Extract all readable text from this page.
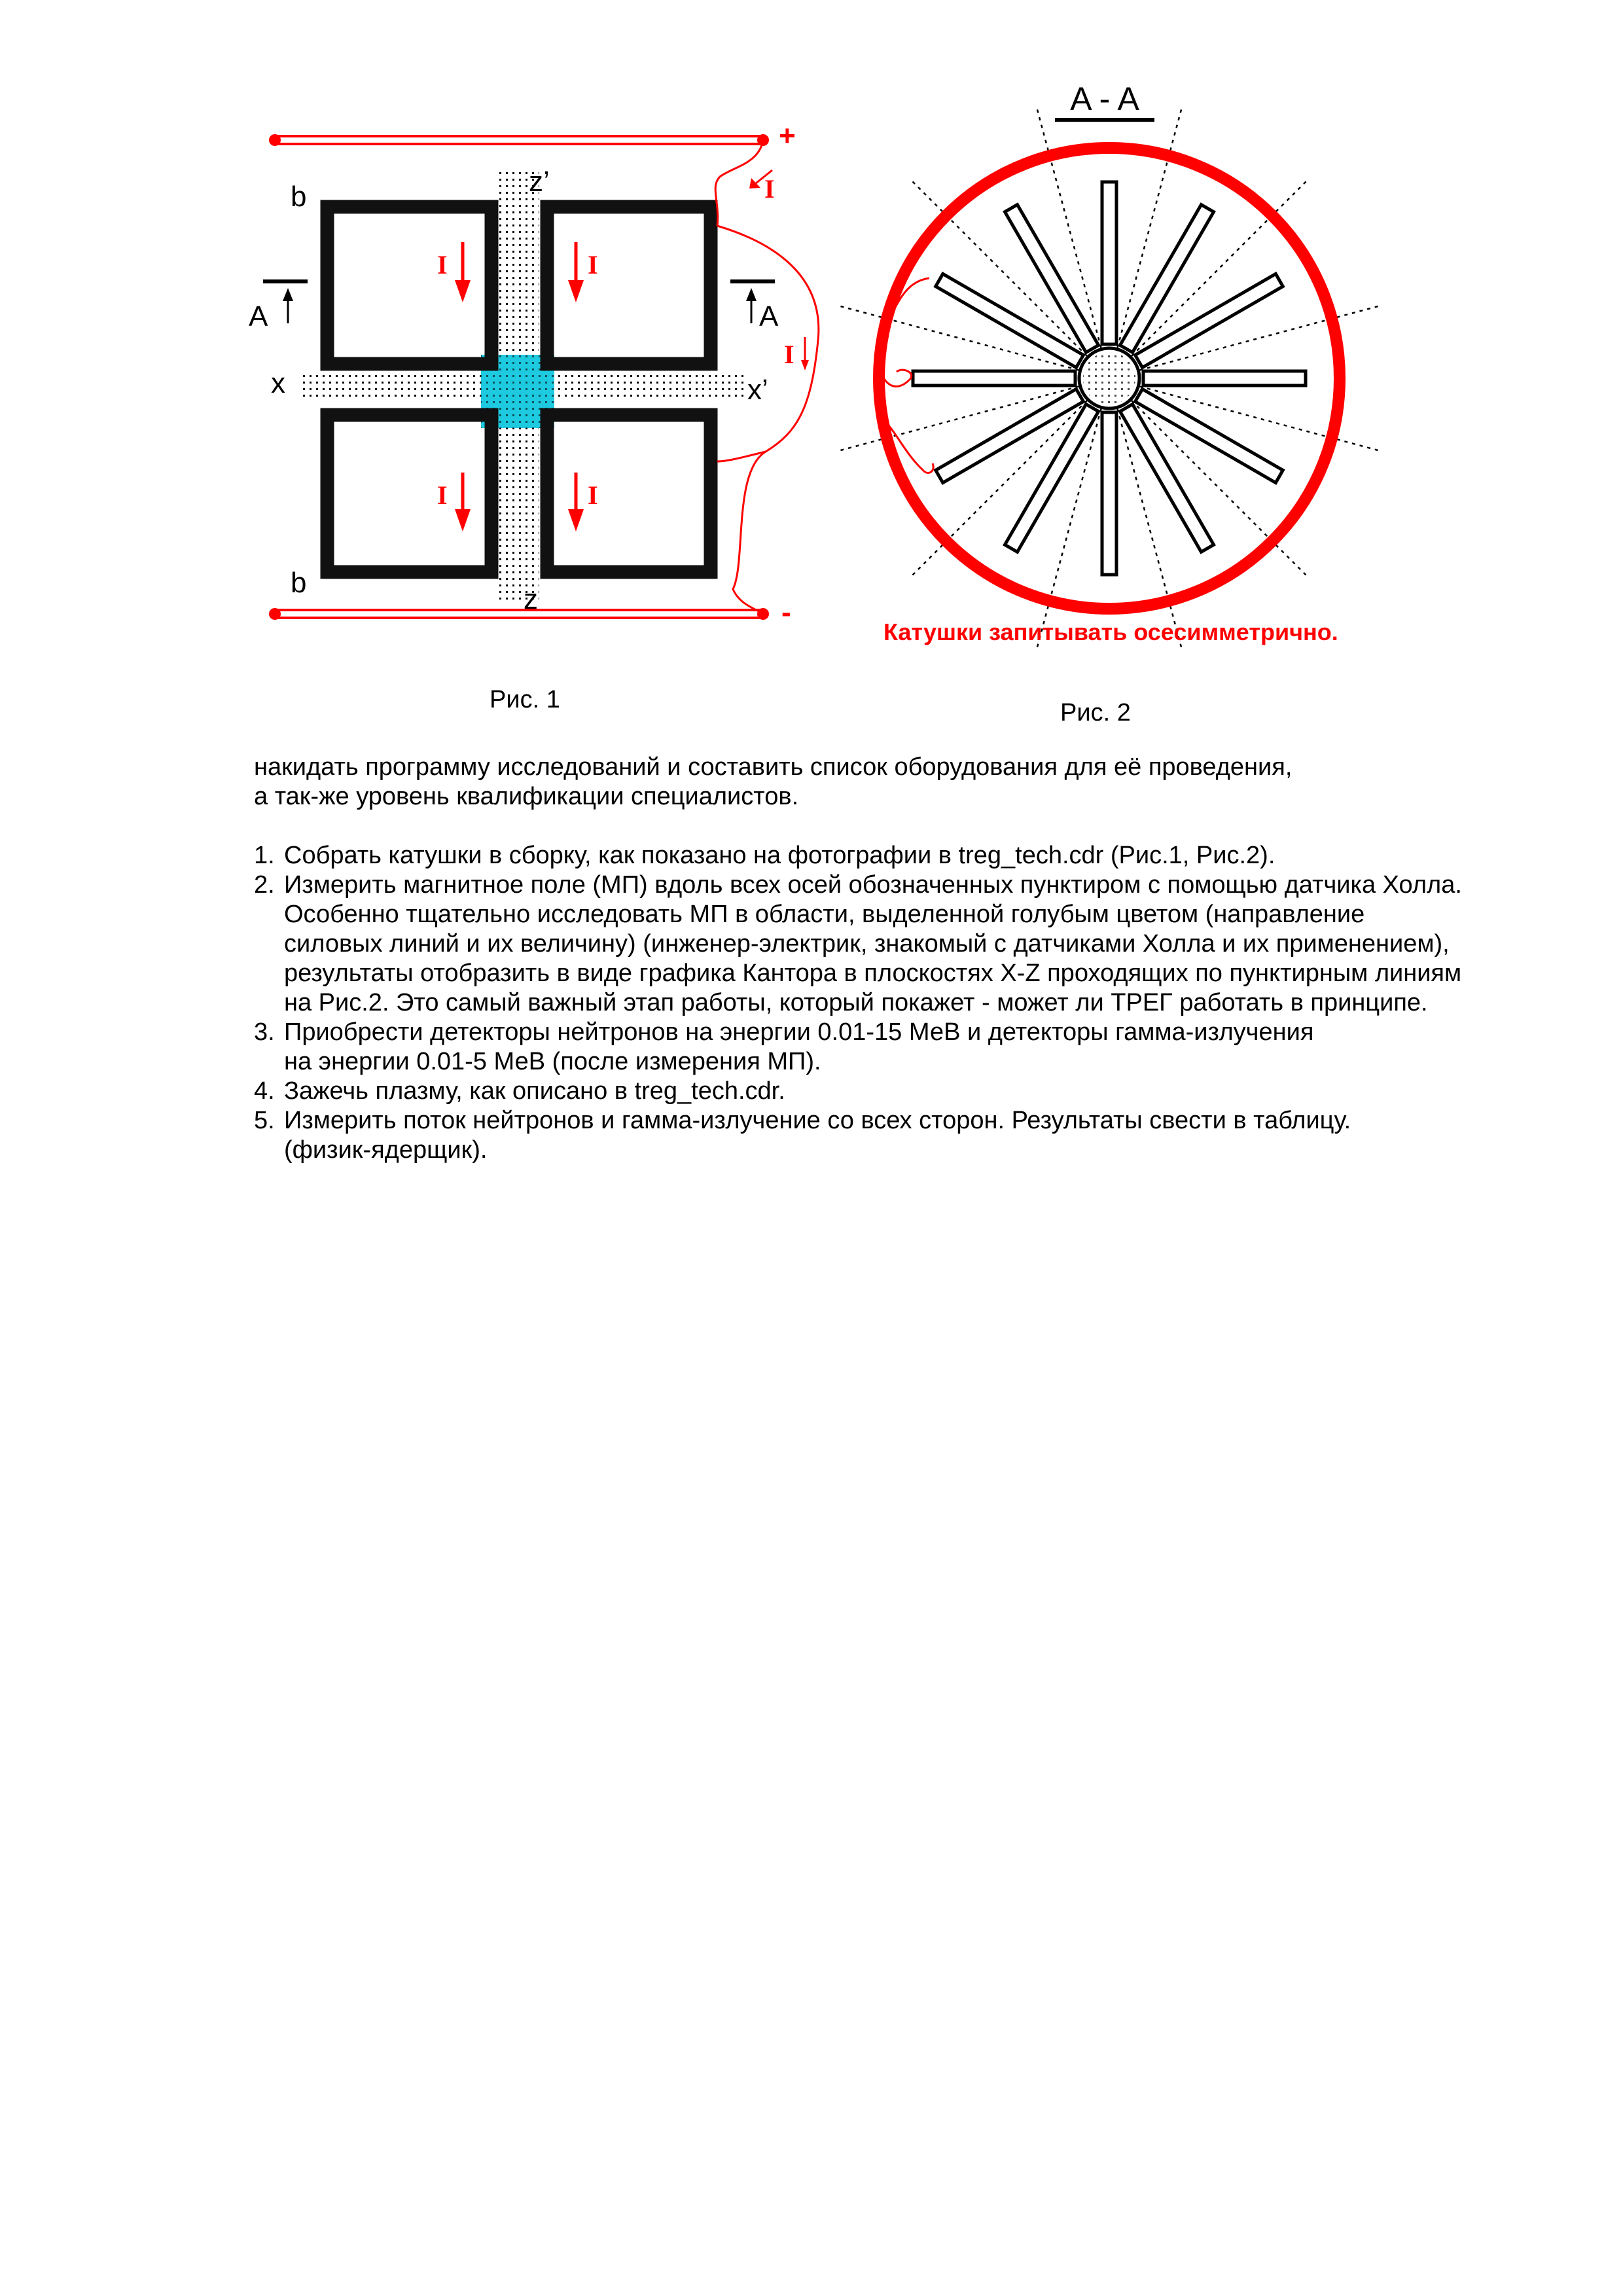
I	I
I	I
I
I
+
-
b
b
z’
z
x	x’
A	A
A - A
Катушки запитывать осесимметрично.
Рис. 1	Рис. 2

накидать программу исследований и составить список оборудования для её проведения,

а так-же уровень квалификации специалистов.

1. Собрать катушки в сборку, как показано на фотографии в treg_tech.cdr (Рис.1, Рис.2).
2. Измерить магнитное поле (МП) вдоль всех осей обозначенных пунктиром с помощью датчика Холла.
Особенно тщательно исследовать МП в области, выделенной голубым цветом (направление
силовых линий и их величину) (инженер-электрик, знакомый с датчиками Холла и их применением),
результаты отобразить в виде графика Кантора в плоскостях X-Z проходящих по пунктирным линиям
на Рис.2. Это самый важный этап работы, который покажет - может ли ТРЕГ работать в принципе.
3. Приобрести детекторы нейтронов на энергии 0.01-15 МеВ и детекторы гамма-излучения
на энергии 0.01-5 МеВ (после измерения МП).
4. Зажечь плазму, как описано в treg_tech.cdr.
5. Измерить поток нейтронов и гамма-излучение со всех сторон. Результаты свести в таблицу.
(физик-ядерщик).
